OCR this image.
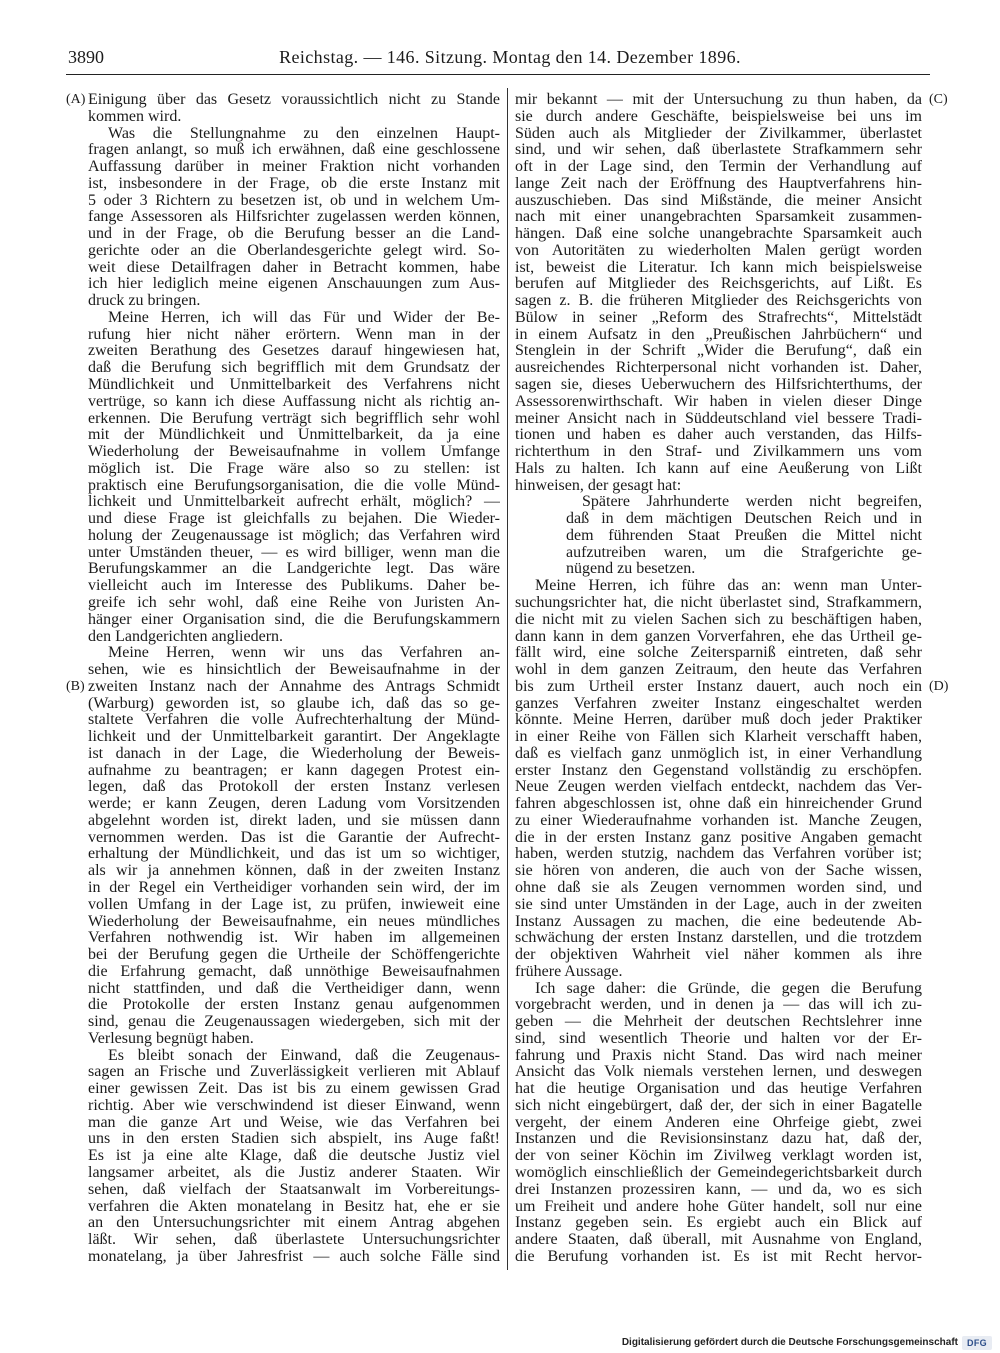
3890	Reichstag. — 146. Sitzung. Montag den 14. Dezember 1896.
(A)
(B)
(C)
(D)
Einigung über das Gesetz voraussichtlich nicht zu Stande
kommen wird.
Was die Stellungnahme zu den einzelnen Haupt-
fragen anlangt, so muß ich erwähnen, daß eine geschlossene
Auffassung darüber in meiner Fraktion nicht vorhanden
ist, insbesondere in der Frage, ob die erste Instanz mit
5 oder 3 Richtern zu besetzen ist, ob und in welchem Um-
fange Assessoren als Hilfsrichter zugelassen werden können,
und in der Frage, ob die Berufung besser an die Land-
gerichte oder an die Oberlandesgerichte gelegt wird. So-
weit diese Detailfragen daher in Betracht kommen, habe
ich hier lediglich meine eigenen Anschauungen zum Aus-
druck zu bringen.
Meine Herren, ich will das Für und Wider der Be-
rufung hier nicht näher erörtern. Wenn man in der
zweiten Berathung des Gesetzes darauf hingewiesen hat,
daß die Berufung sich begrifflich mit dem Grundsatz der
Mündlichkeit und Unmittelbarkeit des Verfahrens nicht
vertrüge, so kann ich diese Auffassung nicht als richtig an-
erkennen. Die Berufung verträgt sich begrifflich sehr wohl
mit der Mündlichkeit und Unmittelbarkeit, da ja eine
Wiederholung der Beweisaufnahme in vollem Umfange
möglich ist. Die Frage wäre also so zu stellen: ist
praktisch eine Berufungsorganisation, die die volle Münd-
lichkeit und Unmittelbarkeit aufrecht erhält, möglich? —
und diese Frage ist gleichfalls zu bejahen. Die Wieder-
holung der Zeugenaussage ist möglich; das Verfahren wird
unter Umständen theuer, — es wird billiger, wenn man die
Berufungskammer an die Landgerichte legt. Das wäre
vielleicht auch im Interesse des Publikums. Daher be-
greife ich sehr wohl, daß eine Reihe von Juristen An-
hänger einer Organisation sind, die die Berufungskammern
den Landgerichten angliedern.
Meine Herren, wenn wir uns das Verfahren an-
sehen, wie es hinsichtlich der Beweisaufnahme in der
zweiten Instanz nach der Annahme des Antrags Schmidt
(Warburg) geworden ist, so glaube ich, daß das so ge-
staltete Verfahren die volle Aufrechterhaltung der Münd-
lichkeit und der Unmittelbarkeit garantirt. Der Angeklagte
ist danach in der Lage, die Wiederholung der Beweis-
aufnahme zu beantragen; er kann dagegen Protest ein-
legen, daß das Protokoll der ersten Instanz verlesen
werde; er kann Zeugen, deren Ladung vom Vorsitzenden
abgelehnt worden ist, direkt laden, und sie müssen dann
vernommen werden. Das ist die Garantie der Aufrecht-
erhaltung der Mündlichkeit, und das ist um so wichtiger,
als wir ja annehmen können, daß in der zweiten Instanz
in der Regel ein Vertheidiger vorhanden sein wird, der im
vollen Umfang in der Lage ist, zu prüfen, inwieweit eine
Wiederholung der Beweisaufnahme, ein neues mündliches
Verfahren nothwendig ist. Wir haben im allgemeinen
bei der Berufung gegen die Urtheile der Schöffengerichte
die Erfahrung gemacht, daß unnöthige Beweisaufnahmen
nicht stattfinden, und daß die Vertheidiger dann, wenn
die Protokolle der ersten Instanz genau aufgenommen
sind, genau die Zeugenaussagen wiedergeben, sich mit der
Verlesung begnügt haben.
Es bleibt sonach der Einwand, daß die Zeugenaus-
sagen an Frische und Zuverlässigkeit verlieren mit Ablauf
einer gewissen Zeit. Das ist bis zu einem gewissen Grad
richtig. Aber wie verschwindend ist dieser Einwand, wenn
man die ganze Art und Weise, wie das Verfahren bei
uns in den ersten Stadien sich abspielt, ins Auge faßt!
Es ist ja eine alte Klage, daß die deutsche Justiz viel
langsamer arbeitet, als die Justiz anderer Staaten. Wir
sehen, daß vielfach der Staatsanwalt im Vorbereitungs-
verfahren die Akten monatelang in Besitz hat, ehe er sie
an den Untersuchungsrichter mit einem Antrag abgehen
läßt. Wir sehen, daß überlastete Untersuchungsrichter
monatelang, ja über Jahresfrist — auch solche Fälle sind
mir bekannt — mit der Untersuchung zu thun haben, da
sie durch andere Geschäfte, beispielsweise bei uns im
Süden auch als Mitglieder der Zivilkammer, überlastet
sind, und wir sehen, daß überlastete Strafkammern sehr
oft in der Lage sind, den Termin der Verhandlung auf
lange Zeit nach der Eröffnung des Hauptverfahrens hin-
auszuschieben. Das sind Mißstände, die meiner Ansicht
nach mit einer unangebrachten Sparsamkeit zusammen-
hängen. Daß eine solche unangebrachte Sparsamkeit auch
von Autoritäten zu wiederholten Malen gerügt worden
ist, beweist die Literatur. Ich kann mich beispielsweise
berufen auf Mitglieder des Reichsgerichts, auf Lißt. Es
sagen z. B. die früheren Mitglieder des Reichsgerichts von
Bülow in seiner „Reform des Strafrechts“, Mittelstädt
in einem Aufsatz in den „Preußischen Jahrbüchern“ und
Stenglein in der Schrift „Wider die Berufung“, daß ein
ausreichendes Richterpersonal nicht vorhanden ist. Daher,
sagen sie, dieses Ueberwuchern des Hilfsrichterthums, der
Assessorenwirthschaft. Wir haben in vielen dieser Dinge
meiner Ansicht nach in Süddeutschland viel bessere Tradi-
tionen und haben es daher auch verstanden, das Hilfs-
richterthum in den Straf- und Zivilkammern uns vom
Hals zu halten. Ich kann auf eine Aeußerung von Lißt
hinweisen, der gesagt hat:
Spätere Jahrhunderte werden nicht begreifen,
daß in dem mächtigen Deutschen Reich und in
dem führenden Staat Preußen die Mittel nicht
aufzutreiben waren, um die Strafgerichte ge-
nügend zu besetzen.
Meine Herren, ich führe das an: wenn man Unter-
suchungsrichter hat, die nicht überlastet sind, Strafkammern,
die nicht mit zu vielen Sachen sich zu beschäftigen haben,
dann kann in dem ganzen Vorverfahren, ehe das Urtheil ge-
fällt wird, eine solche Zeitersparniß eintreten, daß sehr
wohl in dem ganzen Zeitraum, den heute das Verfahren
bis zum Urtheil erster Instanz dauert, auch noch ein
ganzes Verfahren zweiter Instanz eingeschaltet werden
könnte. Meine Herren, darüber muß doch jeder Praktiker
in einer Reihe von Fällen sich Klarheit verschafft haben,
daß es vielfach ganz unmöglich ist, in einer Verhandlung
erster Instanz den Gegenstand vollständig zu erschöpfen.
Neue Zeugen werden vielfach entdeckt, nachdem das Ver-
fahren abgeschlossen ist, ohne daß ein hinreichender Grund
zu einer Wiederaufnahme vorhanden ist. Manche Zeugen,
die in der ersten Instanz ganz positive Angaben gemacht
haben, werden stutzig, nachdem das Verfahren vorüber ist;
sie hören von anderen, die auch von der Sache wissen,
ohne daß sie als Zeugen vernommen worden sind, und
sie sind unter Umständen in der Lage, auch in der zweiten
Instanz Aussagen zu machen, die eine bedeutende Ab-
schwächung der ersten Instanz darstellen, und die trotzdem
der objektiven Wahrheit viel näher kommen als ihre
frühere Aussage.
Ich sage daher: die Gründe, die gegen die Berufung
vorgebracht werden, und in denen ja — das will ich zu-
geben — die Mehrheit der deutschen Rechtslehrer inne
sind, sind wesentlich Theorie und halten vor der Er-
fahrung und Praxis nicht Stand. Das wird nach meiner
Ansicht das Volk niemals verstehen lernen, und deswegen
hat die heutige Organisation und das heutige Verfahren
sich nicht eingebürgert, daß der, der sich in einer Bagatelle
vergeht, der einem Anderen eine Ohrfeige giebt, zwei
Instanzen und die Revisionsinstanz dazu hat, daß der,
der von seiner Köchin im Zivilweg verklagt worden ist,
womöglich einschließlich der Gemeindegerichtsbarkeit durch
drei Instanzen prozessiren kann, — und da, wo es sich
um Freiheit und andere hohe Güter handelt, soll nur eine
Instanz gegeben sein. Es ergiebt auch ein Blick auf
andere Staaten, daß überall, mit Ausnahme von England,
die Berufung vorhanden ist. Es ist mit Recht hervor-
Digitalisierung gefördert durch die Deutsche Forschungsgemeinschaft	DFG
